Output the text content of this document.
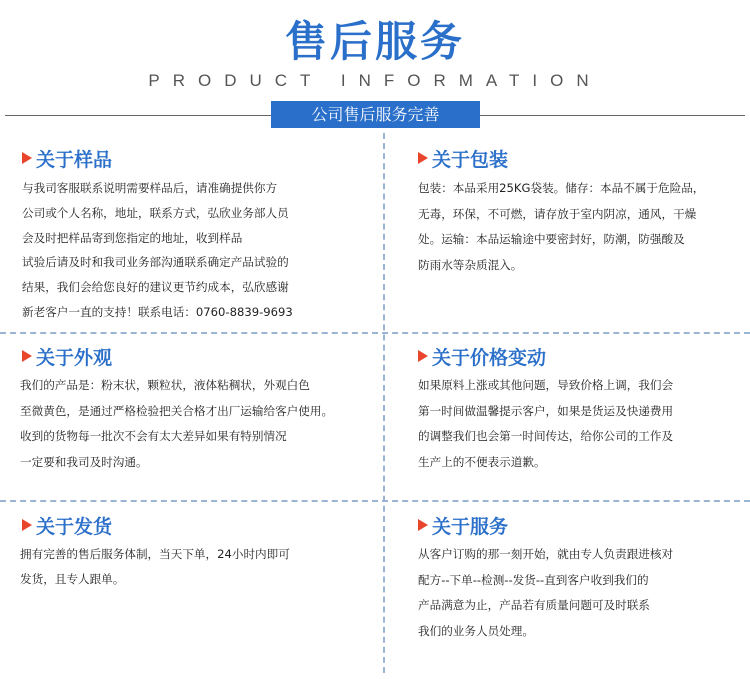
售后服务
PRODUCT INFORMATION
公司售后服务完善
关于样品

与我司客服联系说明需要样品后，请准确提供你方

公司或个人名称，地址，联系方式，弘欣业务部人员

会及时把样品寄到您指定的地址，收到样品

试验后请及时和我司业务部沟通联系确定产品试验的

结果，我们会给您良好的建议更节约成本，弘欣感谢

新老客户一直的支持！联系电话：0760-8839-9693

关于包装

包装：本品采用25KG袋装。储存：本品不属于危险品，

无毒，环保，不可燃，请存放于室内阴凉，通风，干燥

处。运输：本品运输途中要密封好，防潮，防强酸及

防雨水等杂质混入。

关于外观

我们的产品是：粉末状，颗粒状，液体粘稠状，外观白色

至微黄色，是通过严格检验把关合格才出厂运输给客户使用。

收到的货物每一批次不会有太大差异如果有特别情况

一定要和我司及时沟通。

关于价格变动

如果原料上涨或其他问题，导致价格上调，我们会

第一时间做温馨提示客户，如果是货运及快递费用

的调整我们也会第一时间传达，给你公司的工作及

生产上的不便表示道歉。

关于发货

拥有完善的售后服务体制，当天下单，24小时内即可

发货，且专人跟单。

关于服务

从客户订购的那一刻开始，就由专人负责跟进核对

配方--下单--检测--发货--直到客户收到我们的

产品满意为止，产品若有质量问题可及时联系

我们的业务人员处理。
